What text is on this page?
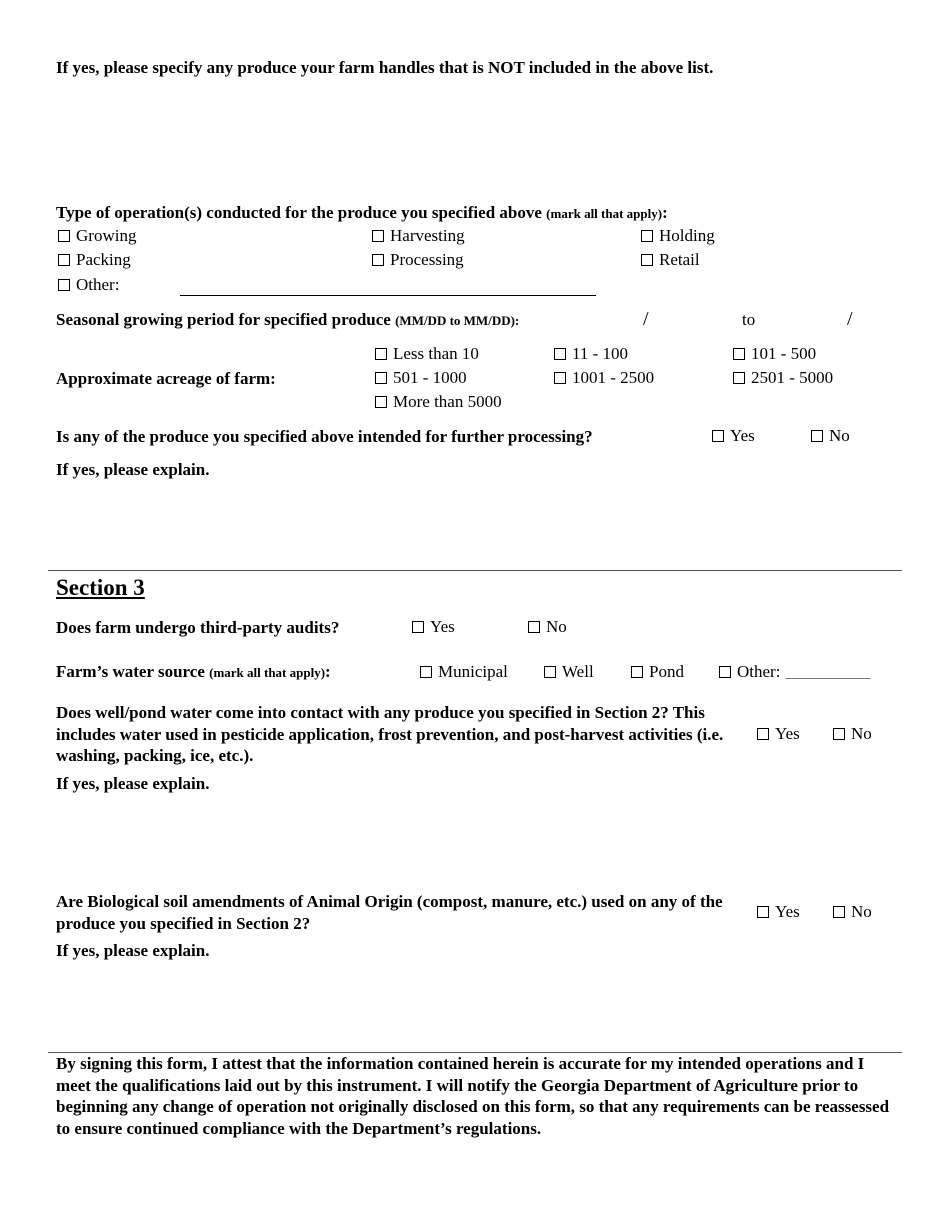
If yes, please specify any produce your farm handles that is NOT included in the above list.
Type of operation(s) conducted for the produce you specified above (mark all that apply):
Growing	Harvesting	Holding
Packing	Processing	Retail
Other:
Seasonal growing period for specified produce (MM/DD to MM/DD):	/	to	/
Approximate acreage of farm:
Less than 10	11 - 100	101 - 500
501 - 1000	1001 - 2500	2501 - 5000
More than 5000
Is any of the produce you specified above intended for further processing?	Yes	No
If yes, please explain.
Section 3
Does farm undergo third-party audits?	Yes	No
Farm’s water source (mark all that apply):	Municipal	Well	Pond	Other: __________
Does well/pond water come into contact with any produce you specified in Section 2? This includes water used in pesticide application, frost prevention, and post-harvest activities (i.e. washing, packing, ice, etc.).
Yes	No
If yes, please explain.
Are Biological soil amendments of Animal Origin (compost, manure, etc.) used on any of the produce you specified in Section 2?
Yes	No
If yes, please explain.
By signing this form, I attest that the information contained herein is accurate for my intended operations and I meet the qualifications laid out by this instrument. I will notify the Georgia Department of Agriculture prior to beginning any change of operation not originally disclosed on this form, so that any requirements can be reassessed to ensure continued compliance with the Department’s regulations.
